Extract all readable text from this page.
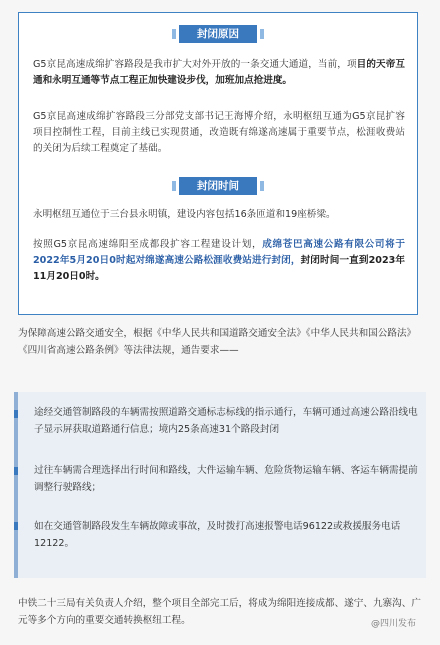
封闭原因
G5京昆高速成绵扩容路段是我市扩大对外开放的一条交通大通道，当前，项目的天帝互通和永明互通等节点工程正加快建设步伐，加班加点抢进度。
G5京昆高速成绵扩容路段三分部党支部书记王海博介绍，永明枢纽互通为G5京昆扩容项目控制性工程，目前主线已实现贯通，改造既有绵遂高速属于重要节点，松涯收费站的关闭为后续工程奠定了基础。
封闭时间
永明枢纽互通位于三台县永明镇，建设内容包括16条匝道和19座桥梁。
按照G5京昆高速绵阳至成都段扩容工程建设计划，成绵苍巴高速公路有限公司将于2022年5月20日0时起对绵遂高速公路松涯收费站进行封闭，封闭时间一直到2023年11月20日0时。
为保障高速公路交通安全，根据《中华人民共和国道路交通安全法》《中华人民共和国公路法》《四川省高速公路条例》等法律法规，通告要求——
途经交通管制路段的车辆需按照道路交通标志标线的指示通行，车辆可通过高速公路沿线电子显示屏获取道路通行信息；境内25条高速31个路段封闭
过往车辆需合理选择出行时间和路线，大件运输车辆、危险货物运输车辆、客运车辆需提前调整行驶路线；
如在交通管制路段发生车辆故障或事故，及时拨打高速报警电话96122或救援服务电话12122。
中铁二十三局有关负责人介绍，整个项目全部完工后，将成为绵阳连接成都、遂宁、九寨沟、广元等多个方向的重要交通转换枢纽工程。	@四川发布
